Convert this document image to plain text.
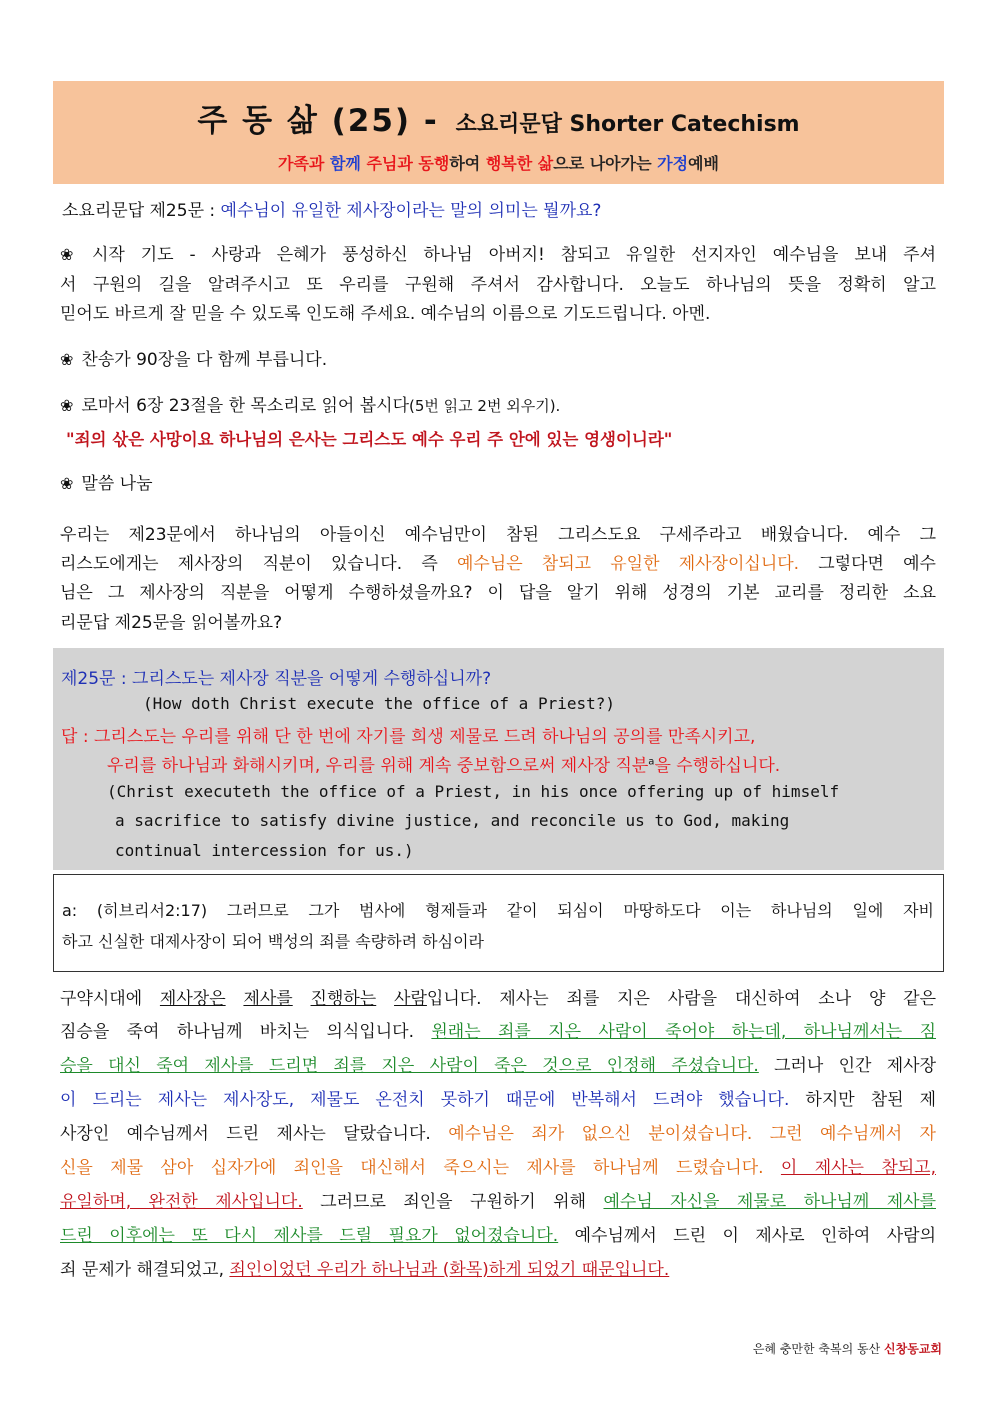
주 동 삶 (25) - 소요리문답 Shorter Catechism
가족과 함께 주님과 동행하여 행복한 삶으로 나아가는 가정예배
소요리문답 제25문 : 예수님이 유일한 제사장이라는 말의 의미는 뭘까요?
❀ 시작 기도 - 사랑과 은혜가 풍성하신 하나님 아버지! 참되고 유일한 선지자인 예수님을 보내 주셔
서 구원의 길을 알려주시고 또 우리를 구원해 주셔서 감사합니다. 오늘도 하나님의 뜻을 정확히 알고
믿어도 바르게 잘 믿을 수 있도록 인도해 주세요. 예수님의 이름으로 기도드립니다. 아멘.
❀ 찬송가 90장을 다 함께 부릅니다.
❀ 로마서 6장 23절을 한 목소리로 읽어 봅시다(5번 읽고 2번 외우기).
"죄의 삯은 사망이요 하나님의 은사는 그리스도 예수 우리 주 안에 있는 영생이니라"
❀ 말씀 나눔
우리는 제23문에서 하나님의 아들이신 예수님만이 참된 그리스도요 구세주라고 배웠습니다. 예수 그
리스도에게는 제사장의 직분이 있습니다. 즉 예수님은 참되고 유일한 제사장이십니다. 그렇다면 예수
님은 그 제사장의 직분을 어떻게 수행하셨을까요? 이 답을 알기 위해 성경의 기본 교리를 정리한 소요
리문답 제25문을 읽어볼까요?
제25문 : 그리스도는 제사장 직분을 어떻게 수행하십니까?
(How doth Christ execute the office of a Priest?)
답 : 그리스도는 우리를 위해 단 한 번에 자기를 희생 제물로 드려 하나님의 공의를 만족시키고,
우리를 하나님과 화해시키며, 우리를 위해 계속 중보함으로써 제사장 직분$^a$을 수행하십니다.
(Christ executeth the office of a Priest, in his once offering up of himself
a sacrifice to satisfy divine justice, and reconcile us to God, making
continual intercession for us.)
a: (히브리서2:17) 그러므로 그가 범사에 형제들과 같이 되심이 마땅하도다 이는 하나님의 일에 자비
하고 신실한 대제사장이 되어 백성의 죄를 속량하려 하심이라
구약시대에 제사장은 제사를 진행하는 사람입니다. 제사는 죄를 지은 사람을 대신하여 소나 양 같은
짐승을 죽여 하나님께 바치는 의식입니다. 원래는 죄를 지은 사람이 죽어야 하는데, 하나님께서는 짐
승을 대신 죽여 제사를 드리면 죄를 지은 사람이 죽은 것으로 인정해 주셨습니다. 그러나 인간 제사장
이 드리는 제사는 제사장도, 제물도 온전치 못하기 때문에 반복해서 드려야 했습니다. 하지만 참된 제
사장인 예수님께서 드린 제사는 달랐습니다. 예수님은 죄가 없으신 분이셨습니다. 그런 예수님께서 자
신을 제물 삼아 십자가에 죄인을 대신해서 죽으시는 제사를 하나님께 드렸습니다. 이 제사는 참되고,
유일하며, 완전한 제사입니다. 그러므로 죄인을 구원하기 위해 예수님 자신을 제물로 하나님께 제사를
드린 이후에는 또 다시 제사를 드릴 필요가 없어졌습니다. 예수님께서 드린 이 제사로 인하여 사람의
죄 문제가 해결되었고, 죄인이었던 우리가 하나님과 (화목)하게 되었기 때문입니다.
은혜 충만한 축복의 동산 신창동교회
